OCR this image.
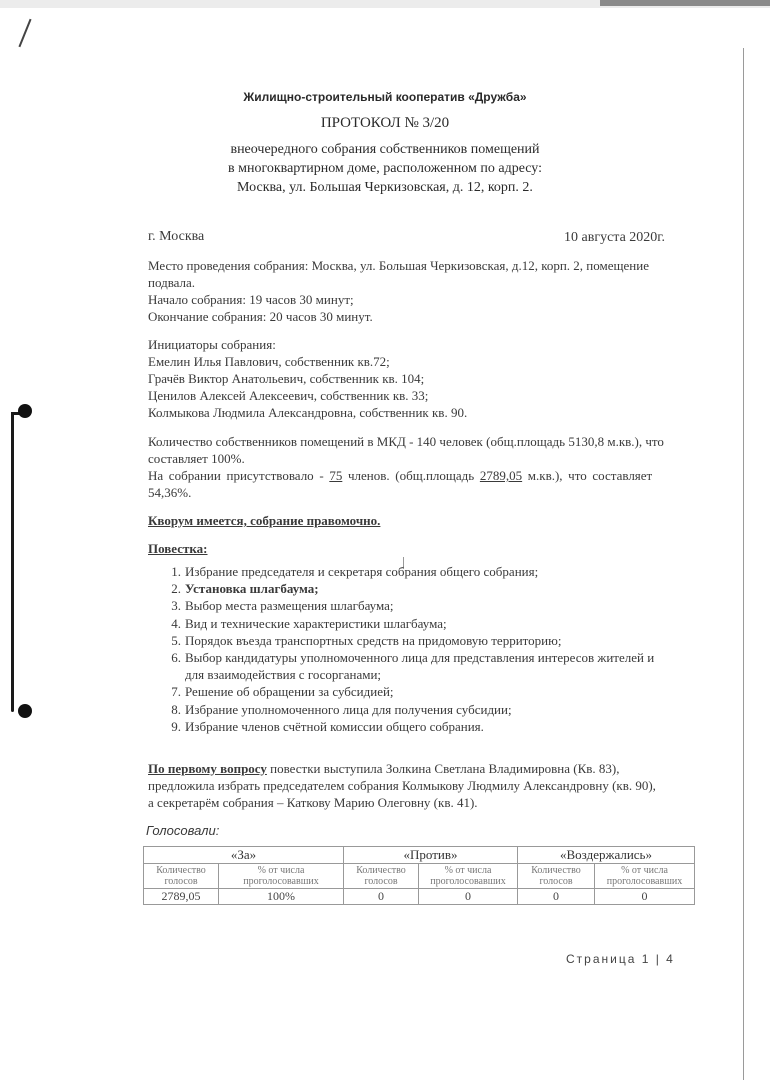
Жилищно-строительный кооператив «Дружба»
ПРОТОКОЛ № 3/20
внеочередного собрания собственников помещений
в многоквартирном доме, расположенном по адресу:
Москва, ул. Большая Черкизовская, д. 12, корп. 2.
г. Москва	10 августа 2020г.
Место проведения собрания: Москва, ул. Большая Черкизовская, д.12, корп. 2, помещение
подвала.
Начало собрания: 19 часов 30 минут;
Окончание собрания: 20 часов 30 минут.
Инициаторы собрания:
Емелин Илья Павлович, собственник кв.72;
Грачёв Виктор Анатольевич, собственник кв. 104;
Ценилов Алексей Алексеевич, собственник кв. 33;
Колмыкова Людмила Александровна, собственник кв. 90.
Количество собственников помещений в МКД - 140 человек (общ.площадь 5130,8 м.кв.), что
составляет 100%.
На собрании присутствовало - 75 членов. (общ.площадь 2789,05 м.кв.), что составляет
54,36%.
Кворум имеется, собрание правомочно.
Повестка:
1. Избрание председателя и секретаря собрания общего собрания;
2. Установка шлагбаума;
3. Выбор места размещения шлагбаума;
4. Вид и технические характеристики шлагбаума;
5. Порядок въезда транспортных средств на придомовую территорию;
6. Выбор кандидатуры уполномоченного лица для представления интересов жителей и
для взаимодействия с госорганами;
7. Решение об обращении за субсидией;
8. Избрание уполномоченного лица для получения субсидии;
9. Избрание членов счётной комиссии общего собрания.
По первому вопросу повестки выступила Золкина Светлана Владимировна (Кв. 83),
предложила избрать председателем собрания Колмыкову Людмилу Александровну (кв. 90),
а секретарём собрания – Каткову Марию Олеговну (кв. 41).
Голосовали:
«За»		«Против»		«Воздержались»	
Количество голосов	% от числа проголосовавших	Количество голосов	% от числа проголосовавших	Количество голосов	% от числа проголосовавших
2789,05	100%	0	0	0	0
Страница 1 | 4
